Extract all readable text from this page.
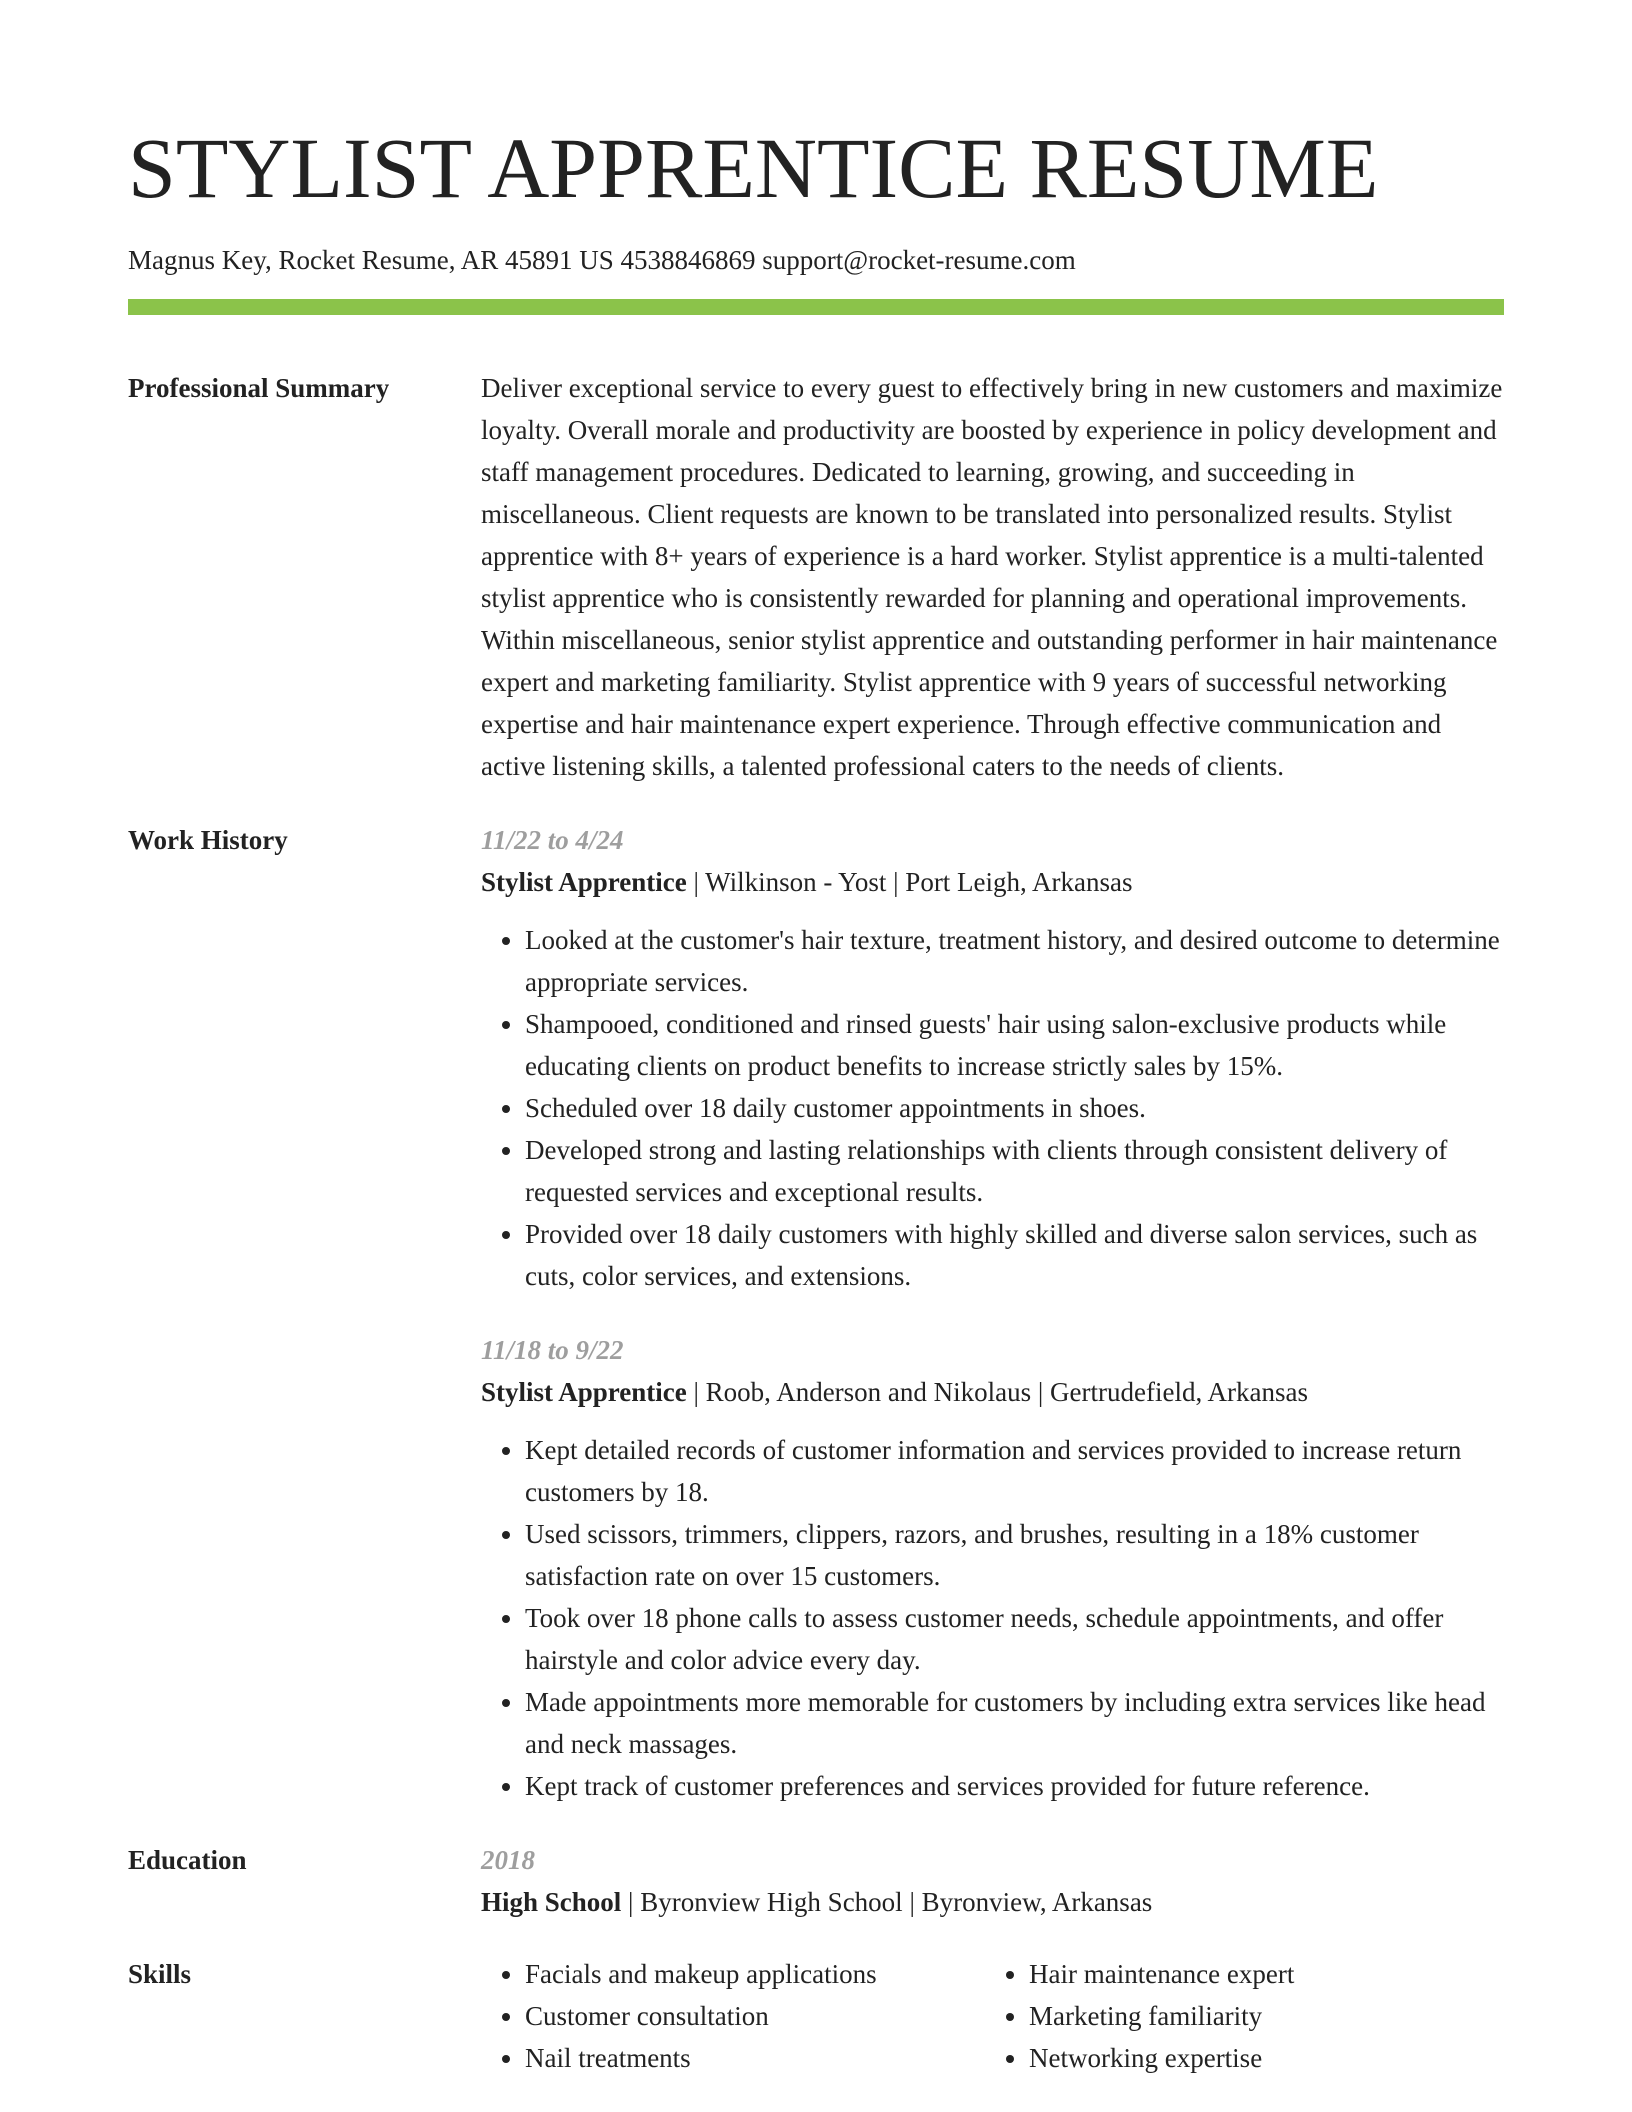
STYLIST APPRENTICE RESUME
Magnus Key, Rocket Resume, AR 45891 US 4538846869 support@rocket-resume.com
Professional Summary	Deliver exceptional service to every guest to effectively bring in new customers and maximize loyalty. Overall morale and productivity are boosted by experience in policy development and staff management procedures. Dedicated to learning, growing, and succeeding in miscellaneous. Client requests are known to be translated into personalized results. Stylist apprentice with 8+ years of experience is a hard worker. Stylist apprentice is a multi-talented stylist apprentice who is consistently rewarded for planning and operational improvements. Within miscellaneous, senior stylist apprentice and outstanding performer in hair maintenance expert and marketing familiarity. Stylist apprentice with 9 years of successful networking expertise and hair maintenance expert experience. Through effective communication and active listening skills, a talented professional caters to the needs of clients.
Work History	11/22 to 4/24
Stylist Apprentice | Wilkinson - Yost | Port Leigh, Arkansas
• Looked at the customer's hair texture, treatment history, and desired outcome to determine appropriate services.
• Shampooed, conditioned and rinsed guests' hair using salon-exclusive products while educating clients on product benefits to increase strictly sales by 15%.
• Scheduled over 18 daily customer appointments in shoes.
• Developed strong and lasting relationships with clients through consistent delivery of requested services and exceptional results.
• Provided over 18 daily customers with highly skilled and diverse salon services, such as cuts, color services, and extensions.
11/18 to 9/22
Stylist Apprentice | Roob, Anderson and Nikolaus | Gertrudefield, Arkansas
• Kept detailed records of customer information and services provided to increase return customers by 18.
• Used scissors, trimmers, clippers, razors, and brushes, resulting in a 18% customer satisfaction rate on over 15 customers.
• Took over 18 phone calls to assess customer needs, schedule appointments, and offer hairstyle and color advice every day.
• Made appointments more memorable for customers by including extra services like head and neck massages.
• Kept track of customer preferences and services provided for future reference.
Education	2018
High School | Byronview High School | Byronview, Arkansas
Skills
•	Facials and makeup applications
• Customer consultation
• Nail treatments
• Hair maintenance expert
• Marketing familiarity
• Networking expertise
